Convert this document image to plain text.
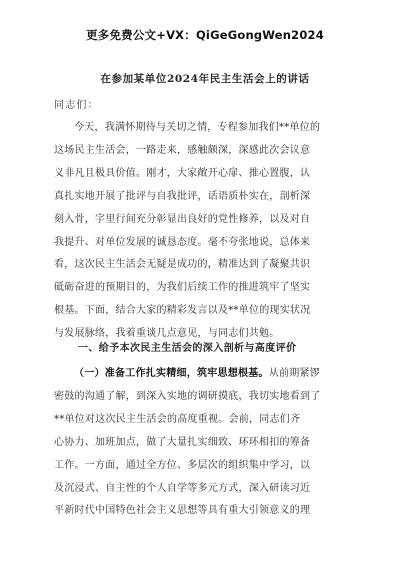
更多免费公文+VX：QiGeGongWen2024
在参加某单位2024年民主生活会上的讲话
同志们：
今天，我满怀期待与关切之情，专程参加我们**单位的
这场民主生活会，一路走来，感触颇深，深感此次会议意
义非凡且极具价值。刚才，大家敞开心扉、推心置腹，认
真扎实地开展了批评与自我批评，话语质朴实在，剖析深
刻入骨，字里行间充分彰显出良好的党性修养，以及对自
我提升、对单位发展的诚恳态度。毫不夸张地说，总体来
看，这次民主生活会无疑是成功的，精准达到了凝聚共识
砥砺奋进的预期目的，为我们后续工作的推进筑牢了坚实
根基。下面，结合大家的精彩发言以及**单位的现实状况
与发展脉络，我着重谈几点意见，与同志们共勉。
一、给予本次民主生活会的深入剖析与高度评价
（一）准备工作扎实精细，筑牢思想根基。从前期紧锣
密鼓的沟通了解，到深入实地的调研摸底，我切实地看到了
**单位对这次民主生活会的高度重视。会前，同志们齐
心协力、加班加点，做了大量扎实细致、环环相扣的筹备
工作。一方面，通过全方位、多层次的组织集中学习，以
及沉浸式、自主性的个人自学等多元方式，深入研读习近
平新时代中国特色社会主义思想等具有重大引领意义的理
